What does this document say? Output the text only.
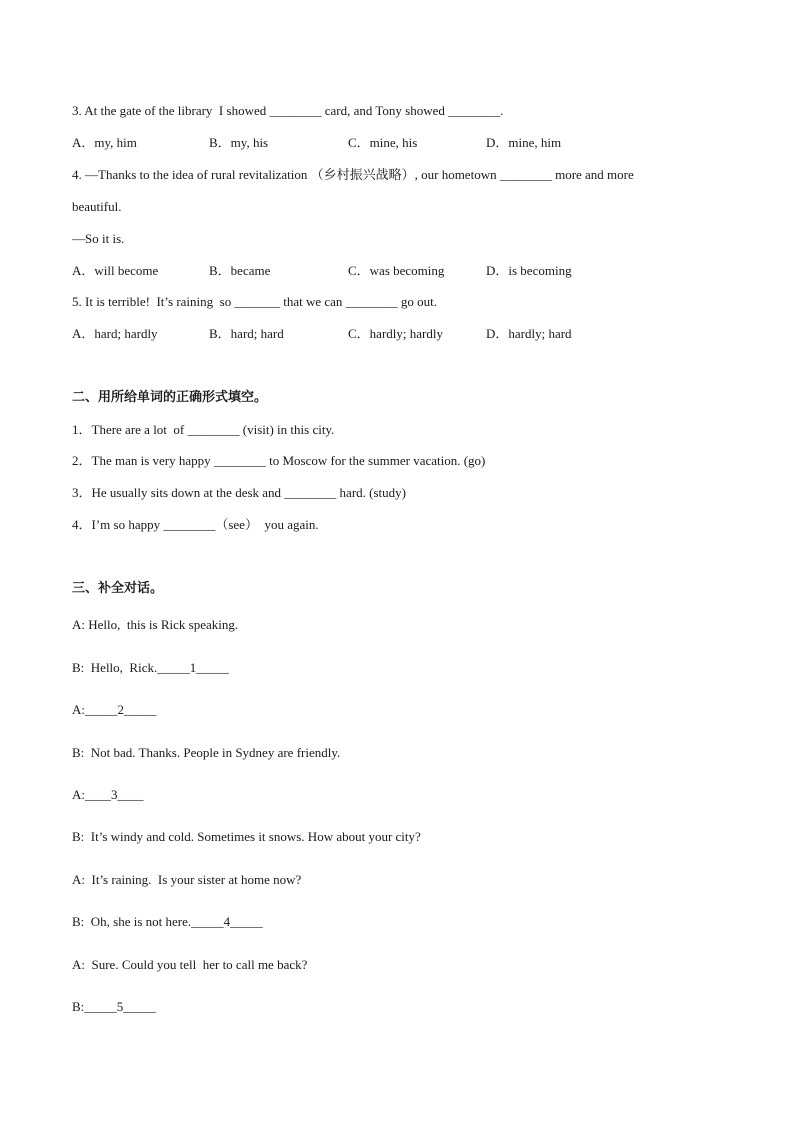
3. At the gate of the library  I showed ________ card, and Tony showed ________.
A．my, him	B．my, his	C．mine, his	D．mine, him
4. —Thanks to the idea of rural revitalization （乡村振兴战略）, our hometown ________ more and more
beautiful.
—So it is.
A．will become	B．became	C．was becoming	D．is becoming
5. It is terrible!  It’s raining  so _______ that we can ________ go out.
A．hard; hardly	B．hard; hard	C．hardly; hardly	D．hardly; hard
二、用所给单词的正确形式填空。
1．There are a lot  of ________ (visit) in this city.
2．The man is very happy ________ to Moscow for the summer vacation. (go)
3．He usually sits down at the desk and ________ hard. (study)
4．I’m so happy ________（see）  you again.
三、补全对话。
A: Hello,  this is Rick speaking.
B:  Hello,  Rick._____1_____
A:_____2_____
B:  Not bad. Thanks. People in Sydney are friendly.
A:____3____
B:  It’s windy and cold. Sometimes it snows. How about your city?
A:  It’s raining.  Is your sister at home now?
B:  Oh, she is not here._____4_____
A:  Sure. Could you tell  her to call me back?
B:_____5_____
